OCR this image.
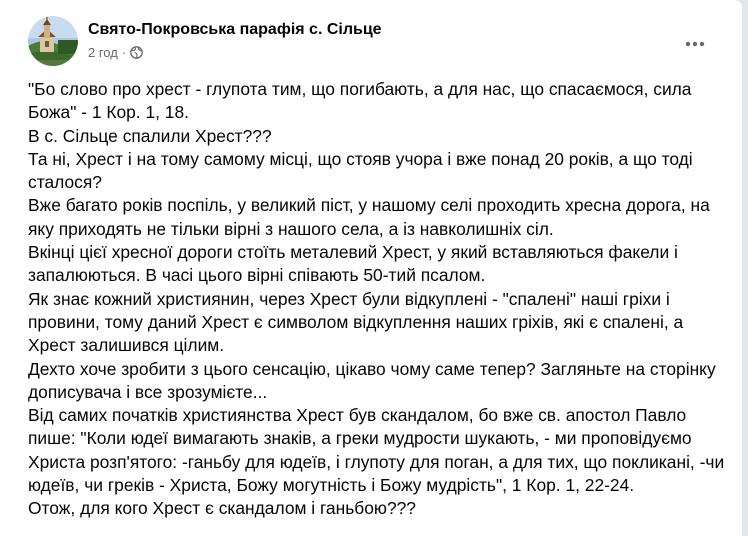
Свято-Покровська парафія с. Сільце
2 год ·

"Бо слово про хрест - глупота тим, що погибають, а для нас, що спасаємося, сила Божа" - 1 Кор. 1, 18.

В с. Сільце спалили Хрест???

Та ні, Хрест і на тому самому місці, що стояв учора і вже понад 20 років, а що тоді сталося?

Вже багато років поспіль, у великий піст, у нашому селі проходить хресна дорога, на яку приходять не тільки вірні з нашого села, а із навколишніх сіл.

Вкінці цієї хресної дороги стоїть металевий Хрест, у який вставляються факели і запалюються. В часі цього вірні співають 50-тий псалом.

Як знає кожний християнин, через Хрест були відкуплені - "спалені" наші гріхи і провини, тому даний Хрест є символом відкуплення наших гріхів, які є спалені, а Хрест залишився цілим.

Дехто хоче зробити з цього сенсацію, цікаво чому саме тепер? Загляньте на сторінку дописувача і все зрозумієте...

Від самих початків християнства Хрест був скандалом, бо вже св. апостол Павло пише: "Коли юдеї вимагають знаків, а греки мудрости шукають, - ми проповідуємо Христа розп'ятого: -ганьбу для юдеїв, і глупоту для поган, а для тих, що покликані, -чи юдеїв, чи греків - Христа, Божу могутність і Божу мудрість", 1 Кор. 1, 22-24.

Отож, для кого Хрест є скандалом і ганьбою???
